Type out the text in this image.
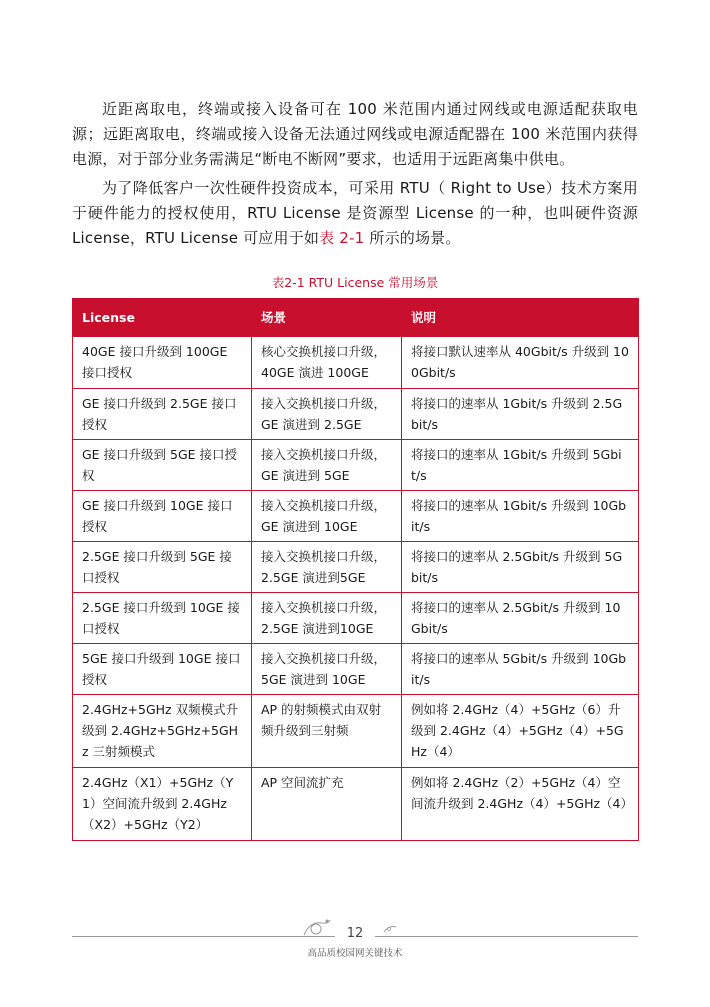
近距离取电，终端或接入设备可在 100 米范围内通过网线或电源适配获取电源；远距离取电，终端或接入设备无法通过网线或电源适配器在 100 米范围内获得电源，对于部分业务需满足“断电不断网”要求，也适用于远距离集中供电。

为了降低客户一次性硬件投资成本，可采用 RTU（ Right to Use）技术方案用于硬件能力的授权使用，RTU License 是资源型 License 的一种，也叫硬件资源 License，RTU License 可应用于如表 2-1 所示的场景。

表2-1 RTU License 常用场景
License	场景	说明
40GE 接口升级到 100GE 接口授权	核心交换机接口升级，40GE 演进 100GE	将接口默认速率从 40Gbit/s 升级到 100Gbit/s
GE 接口升级到 2.5GE 接口授权	接入交换机接口升级，GE 演进到 2.5GE	将接口的速率从 1Gbit/s 升级到 2.5Gbit/s
GE 接口升级到 5GE 接口授权	接入交换机接口升级，GE 演进到 5GE	将接口的速率从 1Gbit/s 升级到 5Gbit/s
GE 接口升级到 10GE 接口授权	接入交换机接口升级，GE 演进到 10GE	将接口的速率从 1Gbit/s 升级到 10Gbit/s
2.5GE 接口升级到 5GE 接口授权	接入交换机接口升级，2.5GE 演进到5GE	将接口的速率从 2.5Gbit/s 升级到 5Gbit/s
2.5GE 接口升级到 10GE 接口授权	接入交换机接口升级，2.5GE 演进到10GE	将接口的速率从 2.5Gbit/s 升级到 10Gbit/s
5GE 接口升级到 10GE 接口授权	接入交换机接口升级，5GE 演进到 10GE	将接口的速率从 5Gbit/s 升级到 10Gbit/s
2.4GHz+5GHz 双频模式升级到 2.4GHz+5GHz+5GHz 三射频模式	AP 的射频模式由双射频升级到三射频	例如将 2.4GHz（4）+5GHz（6）升级到 2.4GHz（4）+5GHz（4）+5GHz（4）
2.4GHz（X1）+5GHz（Y1）空间流升级到 2.4GHz（X2）+5GHz（Y2）	AP 空间流扩充	例如将 2.4GHz（2）+5GHz（4）空间流升级到 2.4GHz（4）+5GHz（4）
12
高品质校园网关键技术
